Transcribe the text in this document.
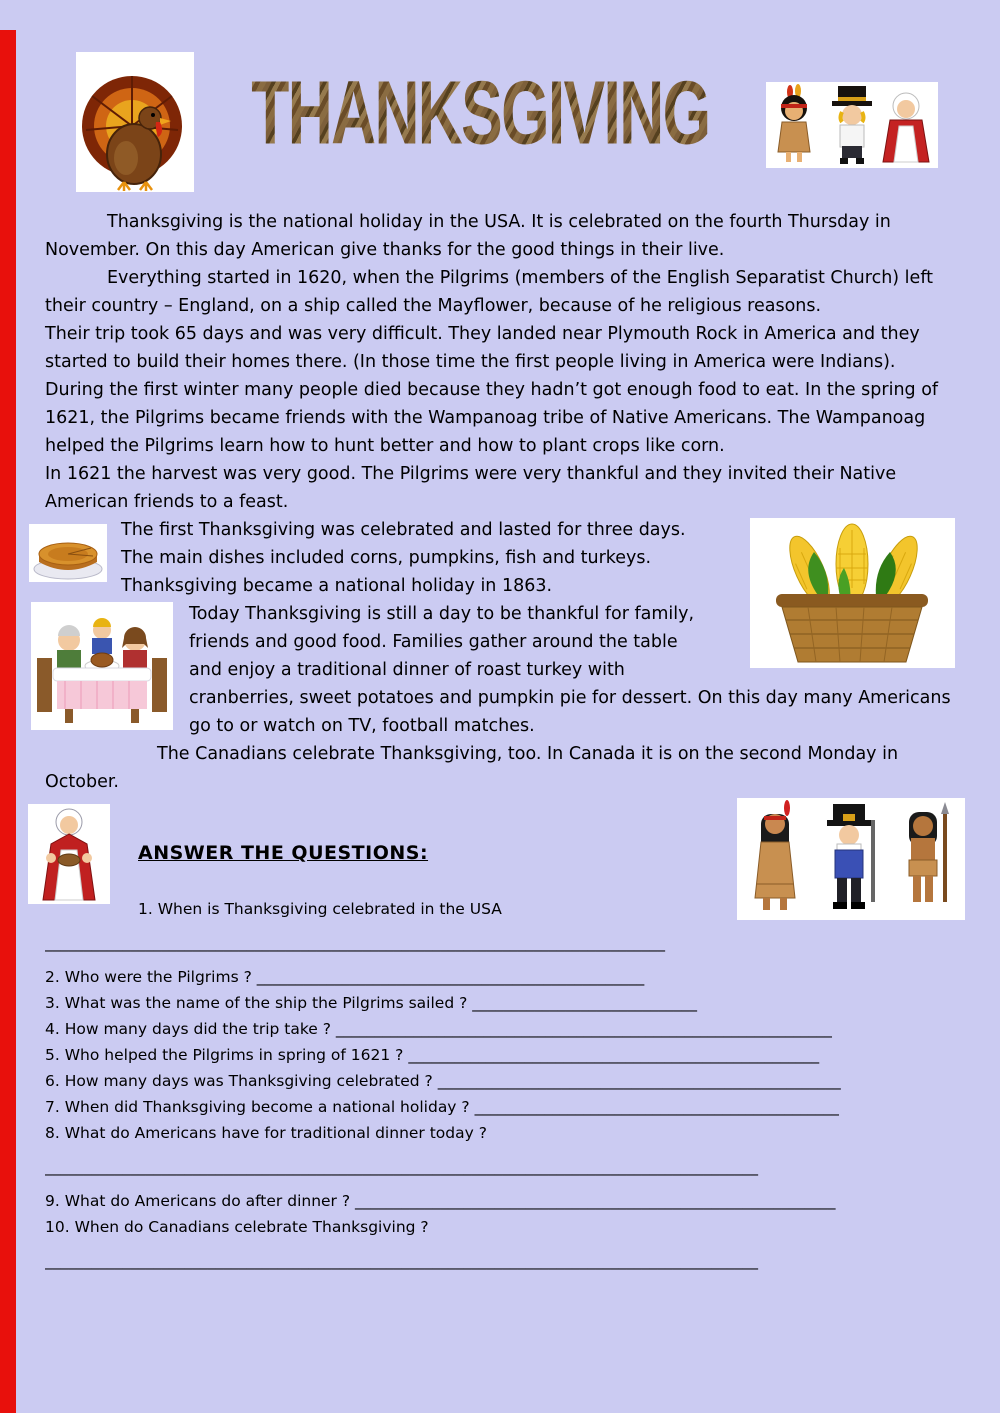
THANKSGIVING

Thanksgiving is the national holiday in the USA. It is celebrated on the fourth Thursday in November. On this day American give thanks for the good things in their live.

Everything started in 1620, when the Pilgrims (members of the English Separatist Church) left their country – England, on a ship called the Mayflower, because of he religious reasons.

Their trip took 65 days and was very difficult. They landed near Plymouth Rock in America and they started to build their homes there. (In those time the first people living in America were Indians).

During the first winter many people died because they hadn’t got enough food to eat. In the spring of 1621, the Pilgrims became friends with the Wampanoag tribe of Native Americans. The Wampanoag helped the Pilgrims learn how to hunt better and how to plant crops like corn.

In 1621 the harvest was very good. The Pilgrims were very thankful and they invited their Native American friends to a feast.

The first Thanksgiving was celebrated and lasted for three days. The main dishes included corns, pumpkins, fish and turkeys.

Thanksgiving became a national holiday in 1863.

Today Thanksgiving is still a day to be thankful for family, friends and good food. Families gather around the table and enjoy a traditional dinner of roast turkey with cranberries, sweet potatoes and pumpkin pie for dessert. On this day many Americans go to or watch on TV, football matches.

The Canadians celebrate Thanksgiving, too. In Canada it is on the second Monday in October.

ANSWER THE QUESTIONS:

1. When is Thanksgiving celebrated in the USA

________________________________________________________________________________

2. Who were the Pilgrims ? __________________________________________________

3. What was the name of the ship the Pilgrims sailed ? _____________________________

4. How many days did the trip take ? ________________________________________________________________

5. Who helped the Pilgrims in spring of 1621 ? _____________________________________________________

6. How many days was Thanksgiving celebrated ? ____________________________________________________

7. When did Thanksgiving become a national holiday ? _______________________________________________

8. What do Americans have for traditional dinner today ?

____________________________________________________________________________________________

9. What do Americans do after dinner ? ______________________________________________________________

10. When do Canadians celebrate Thanksgiving ?

____________________________________________________________________________________________
